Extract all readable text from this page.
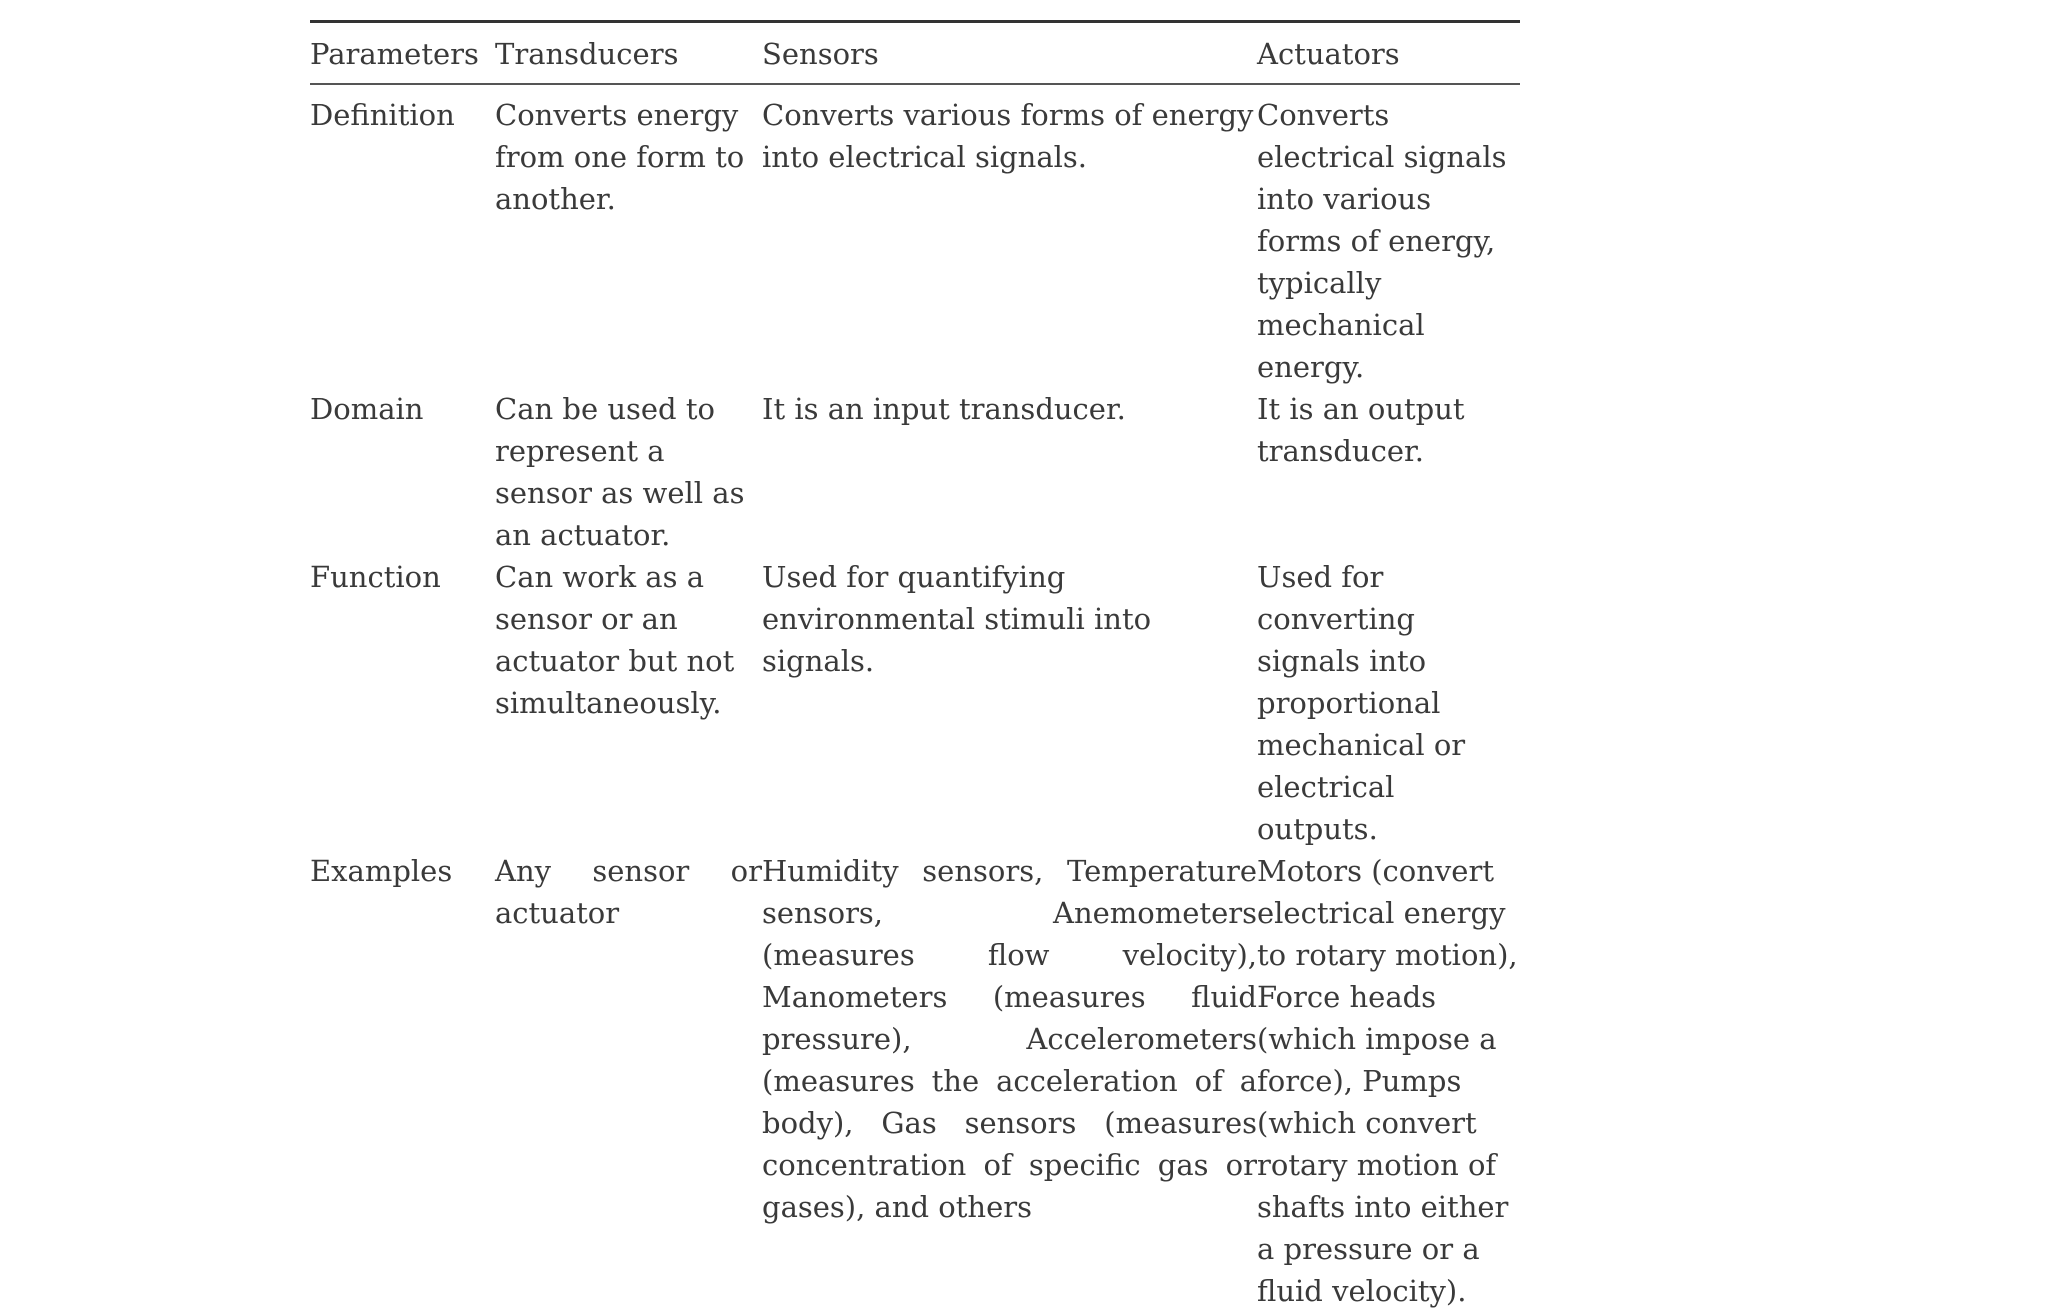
Parameters	Transducers	Sensors	Actuators
Definition	Converts energy from one form to another.	Converts various forms of energy into electrical signals.	Converts electrical signals into various forms of energy, typically mechanical energy.
Domain	Can be used to represent a sensor as well as an actuator.	It is an input transducer.	It is an output transducer.
Function	Can work as a sensor or an actuator but not simultaneously.	Used for quantifying environmental stimuli into signals.	Used for converting signals into proportional mechanical or electrical outputs.
Examples	Any sensor or actuator	Humidity sensors, Temperature sensors, Anemometers (measures flow velocity), Manometers (measures fluid pressure), Accelerometers (measures the acceleration of a body), Gas sensors (measures concentration of specific gas or gases), and others	Motors (convert electrical energy to rotary motion), Force heads (which impose a force), Pumps (which convert rotary motion of shafts into either a pressure or a fluid velocity).
